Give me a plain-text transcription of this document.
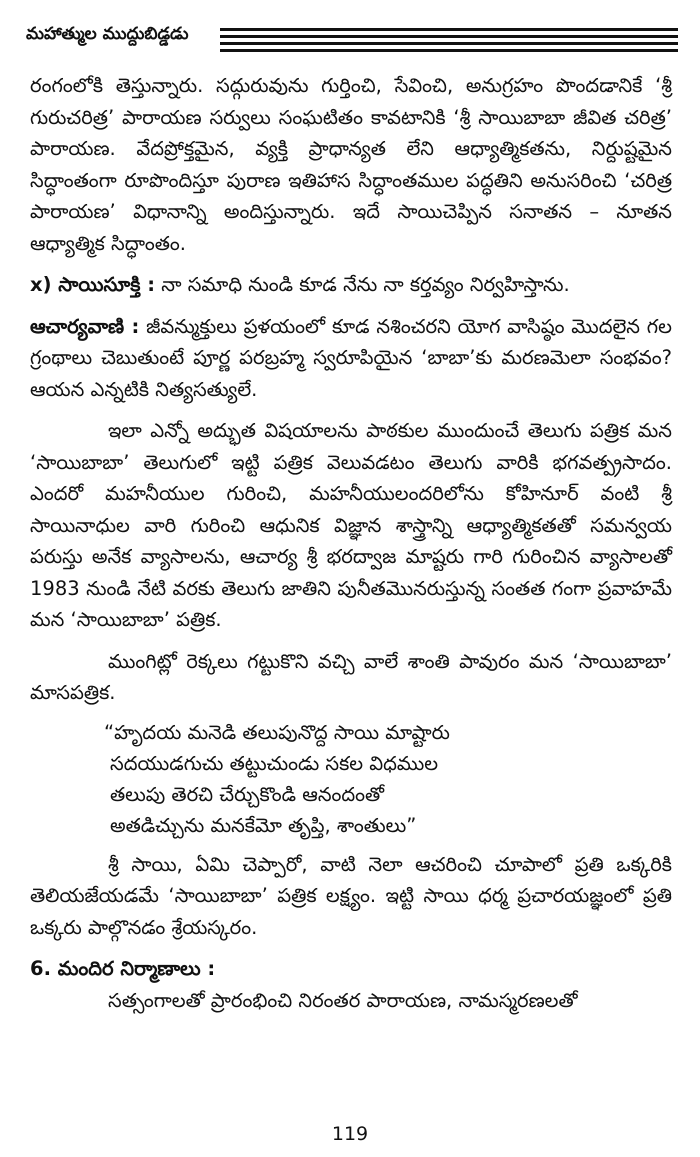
మహాత్ముల ముద్దుబిడ్డడు

రంగంలోకి తెస్తున్నారు. సద్గురువును గుర్తించి, సేవించి, అనుగ్రహం పొందడానికే ‘శ్రీ గురుచరిత్ర’ పారాయణ సర్వులు సంఘటితం కావటానికి ‘శ్రీ సాయిబాబా జీవిత చరిత్ర’ పారాయణ. వేదప్రోక్తమైన, వ్యక్తి ప్రాధాన్యత లేని ఆధ్యాత్మికతను, నిర్దుష్టమైన సిద్ధాంతంగా రూపొందిస్తూ పురాణ ఇతిహాస సిద్ధాంతముల పద్ధతిని అనుసరించి ‘చరిత్ర పారాయణ’ విధానాన్ని అందిస్తున్నారు. ఇదే సాయిచెప్పిన సనాతన – నూతన ఆధ్యాత్మిక సిద్ధాంతం.

x) సాయిసూక్తి : నా సమాధి నుండి కూడ నేను నా కర్తవ్యం నిర్వహిస్తాను.

ఆచార్యవాణి : జీవన్ముక్తులు ప్రళయంలో కూడ నశించరని యోగ వాసిష్ఠం మొదలైన గల గ్రంథాలు చెబుతుంటే పూర్ణ పరబ్రహ్మ స్వరూపియైన ‘బాబా’కు మరణమెలా సంభవం? ఆయన ఎన్నటికి నిత్యసత్యులే.

ఇలా ఎన్నో అద్భుత విషయాలను పాఠకుల ముందుంచే తెలుగు పత్రిక మన ‘సాయిబాబా’ తెలుగులో ఇట్టి పత్రిక వెలువడటం తెలుగు వారికి భగవత్ప్రసాదం. ఎందరో మహనీయుల గురించి, మహనీయులందరిలోను కోహినూర్ వంటి శ్రీ సాయినాధుల వారి గురించి ఆధునిక విజ్ఞాన శాస్త్రాన్ని ఆధ్యాత్మికతతో సమన్వయ పరుస్తు అనేక వ్యాసాలను, ఆచార్య శ్రీ భరద్వాజ మాష్టరు గారి గురించిన వ్యాసాలతో 1983 నుండి నేటి వరకు తెలుగు జాతిని పునీతమొనరుస్తున్న సంతత గంగా ప్రవాహమే మన ‘సాయిబాబా’ పత్రిక.

ముంగిట్లో రెక్కలు గట్టుకొని వచ్చి వాలే శాంతి పావురం మన ‘సాయిబాబా’ మాసపత్రిక.

“హృదయ మనెడి తలుపునొద్ద సాయి మాష్టారు

సదయుడగుచు తట్టుచుండు సకల విధముల

తలుపు తెరచి చేర్చుకొండి ఆనందంతో

అతడిచ్చును మనకేమో తృప్తి, శాంతులు”

శ్రీ సాయి, ఏమి చెప్పారో, వాటి నెలా ఆచరించి చూపాలో ప్రతి ఒక్కరికి తెలియజేయడమే ‘సాయిబాబా’ పత్రిక లక్ష్యం. ఇట్టి సాయి ధర్మ ప్రచారయజ్ఞంలో ప్రతి ఒక్కరు పాల్గొనడం శ్రేయస్కరం.

6. మందిర నిర్మాణాలు :

సత్సంగాలతో ప్రారంభించి నిరంతర పారాయణ, నామస్మరణలతో

119
